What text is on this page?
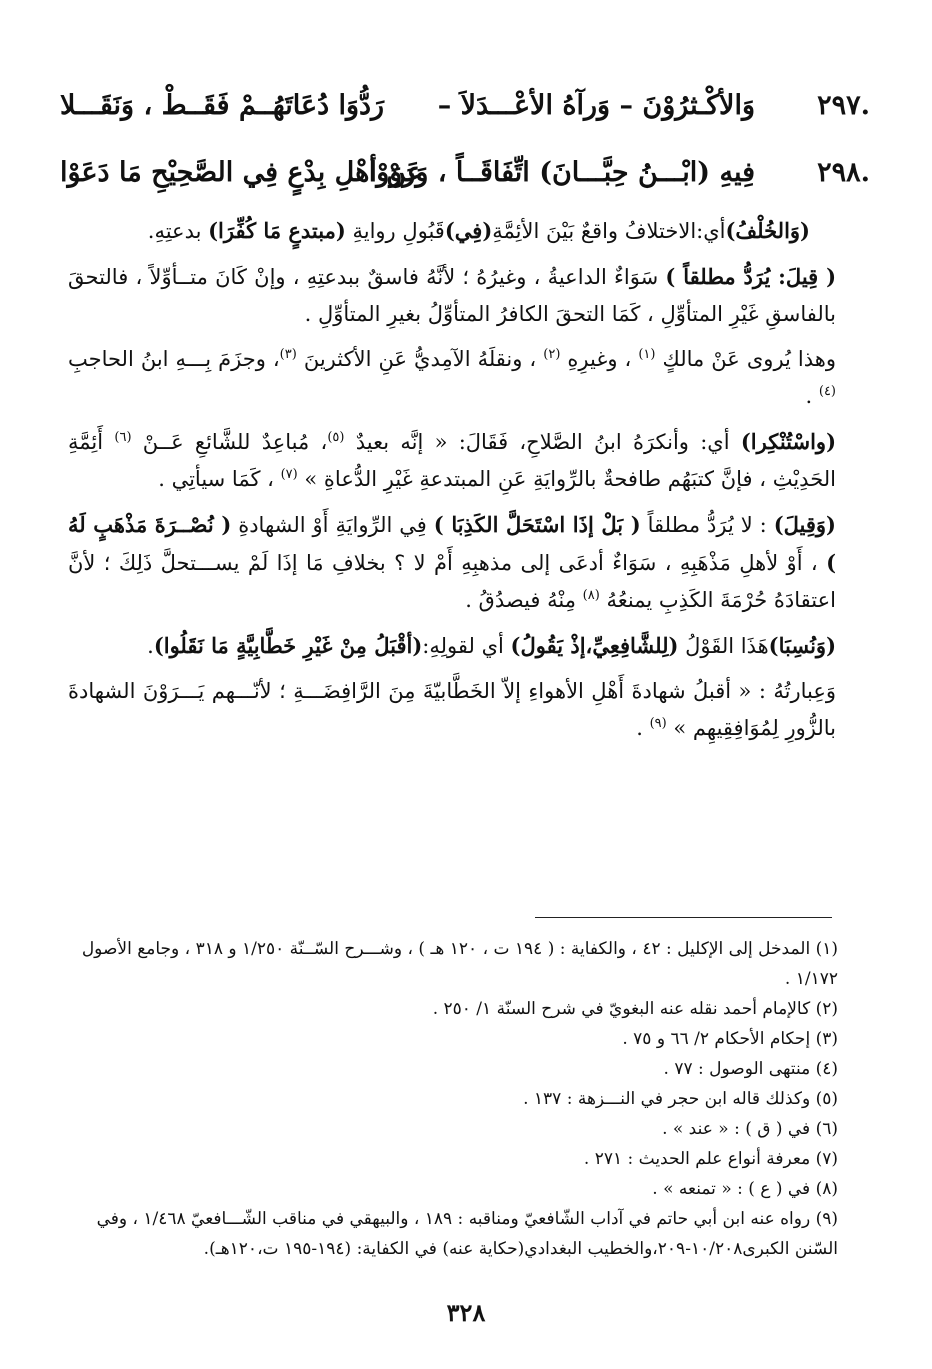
٢٩٧.
وَالأكْـثرُوْنَ – وَرآهُ الأعْـــدَلاَ –
رَدُّوَا دُعَاتَهُــمْ فَقَــطْ ، وَنَقَـــلا
٢٩٨.
فِيهِ (ابْـــنُ حِبَّـــانَ) اتِّفَاقَــاً ، وَرَوَوْا
عَنْ أهْلِ بِدْعٍ فِي الصَّحِيْحِ مَا دَعَوْا

(وَالخُلْفُ)أي:الاختلافُ واقعٌ بَيْنَ الأئِمَّةِ(فِي)قَبُولِ روايةِ (مبتدعٍ مَا كُفِّرَا) بدعتِهِ.

( قِيلَ: يُرَدُّ مطلقاً ) سَوَاءٌ الداعيةُ ، وغيرُهُ ؛ لأنَّهُ فاسقٌ ببدعتِهِ ، وإنْ كَانَ متــأوِّلاً ، فالتحقَ بالفاسقِ غَيْرِ المتأوِّلِ ، كَمَا التحقَ الكافرُ المتأوِّلُ بغيرِ المتأوِّلِ .

وهذا يُروى عَنْ مالكٍ $^{(١)}$ ، وغيرِهِ $^{(٢)}$ ، ونقلَهُ الآمِديُّ عَنِ الأكثرينَ $^{(٣)}$، وجزَمَ بِـــهِ ابنُ الحاجبِ $^{(٤)}$ .

(واسْتُنْكِرا) أي: وأنكرَهُ ابنُ الصَّلاحِ، فَقَالَ: « إنَّه بعيدٌ $^{(٥)}$، مُباعِدٌ للشَّائعِ عَــنْ $^{(٦)}$ أَئِمَّةِ الحَدِيْثِ ، فإنَّ كتبَهُم طافحةٌ بالرِّوايَةِ عَنِ المبتدعةِ غَيْرِ الدُّعاةِ » $^{(٧)}$ ، كَمَا سيأتِي .

(وَقِيلَ) : لا يُرَدُّ مطلقاً ( بَلْ إذَا اسْتَحَلَّ الكَذِبَا ) فِي الرِّوايَةِ أَوْ الشهادةِ ( نُصْــرَةَ مَذْهَبٍ لَهُ ) ، أَوْ لأهلِ مَذْهَبِهِ ، سَوَاءٌ أدعَى إلى مذهبِهِ أَمْ لا ؟ بخلافِ مَا إذَا لَمْ يســـتحلَّ ذَلِكَ ؛ لأنَّ اعتقادَهُ حُرْمَةَ الكَذِبِ يمنعُهُ $^{(٨)}$ مِنْهُ فيصدُقُ .

(وَنُسِبَا)هَذَا القَوْلُ (لِلشَّافِعِيِّ،إذْ يَقُولُ) أي لقولِهِ:(أقْبَلُ مِنْ غَيْرِ خَطَّابِيَّةٍ مَا نَقَلُوا).

وَعِبارتُهُ : « أقبلُ شهادةَ أَهْلِ الأهواءِ إلاّ الخَطَّابيّةَ مِنَ الرَّافِضَـــةِ ؛ لأنّـــهم يَـــرَوْنَ الشهادةَ بالزُّورِ لِمُوَافِقِيهِم » $^{(٩)}$ .

(١) المدخل إلى الإكليل : ٤٢ ، والكفاية : ( ١٩٤ ت ، ١٢٠ هـ ) ، وشـــرح السّــنّة ١/٢٥٠ و ٣١٨ ، وجامع الأصول ١/١٧٢ .

(٢) كالإمام أحمد نقله عنه البغويّ في شرح السنّة ١/ ٢٥٠ .

(٣) إحكام الأحكام ٢/ ٦٦ و ٧٥ .

(٤) منتهى الوصول : ٧٧ .

(٥) وكذلك قاله ابن حجر في النـــزهة : ١٣٧ .

(٦) في ( ق ) : « عند » .

(٧) معرفة أنواع علم الحديث : ٢٧١ .

(٨) في ( ع ) : « تمنعه » .

(٩) رواه عنه ابن أبي حاتم في آداب الشّافعيّ ومناقبه : ١٨٩ ، والبيهقي في مناقب الشّـــافعيّ ١/٤٦٨ ، وفي السّنن الكبرى١٠/٢٠٨-٢٠٩،والخطيب البغدادي(حكاية عنه) في الكفاية: (١٩٤-١٩٥ ت،١٢٠هـ).

٣٢٨
